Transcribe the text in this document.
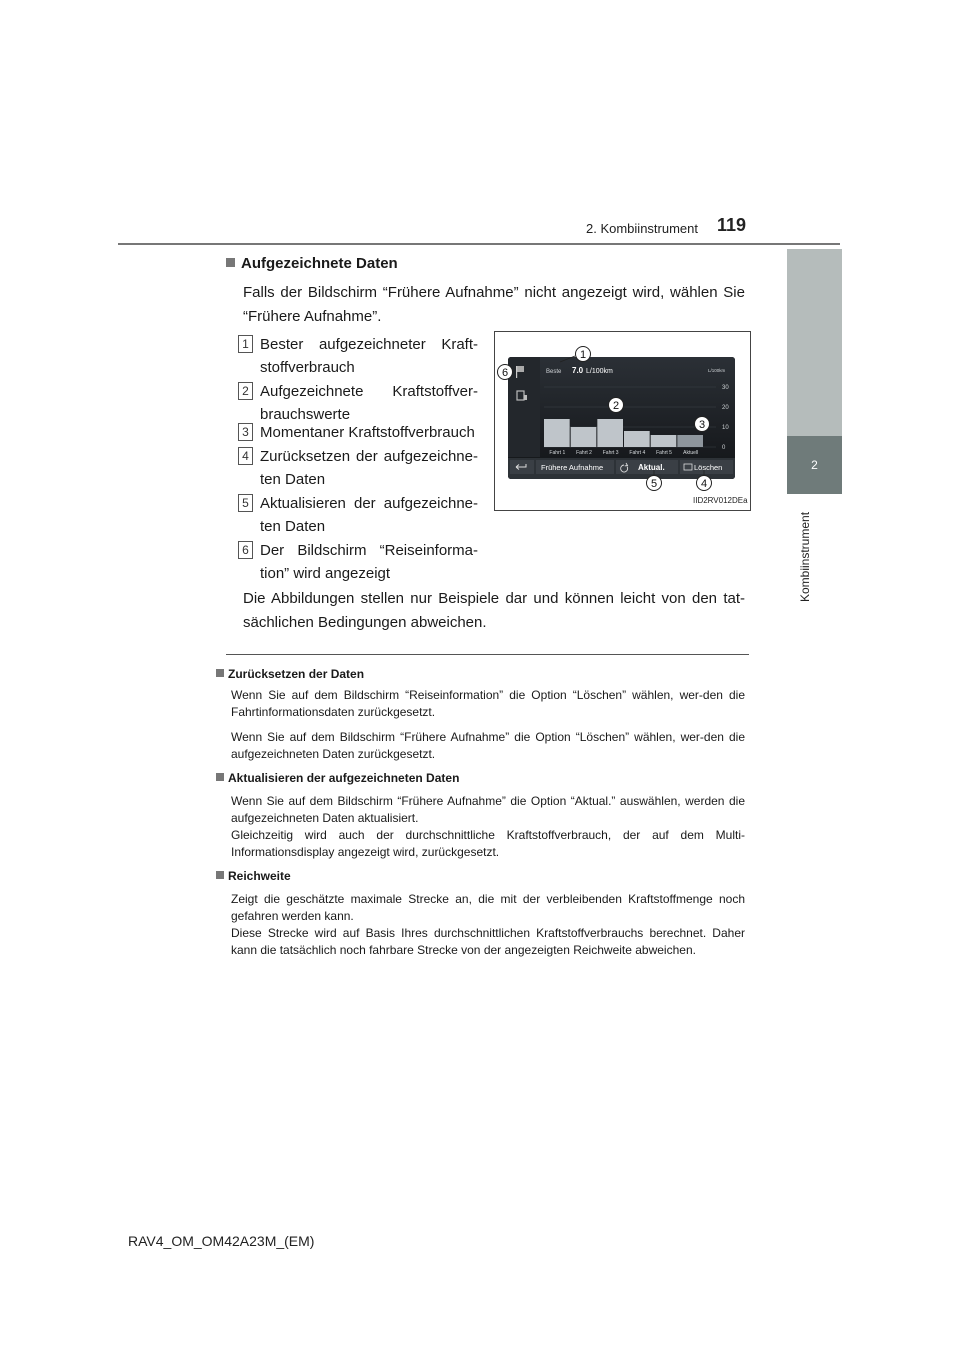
2. Kombiinstrument 119
2
Kombiinstrument
Aufgezeichnete Daten
Falls der Bildschirm “Frühere Aufnahme” nicht angezeigt wird, wählen Sie “Frühere Aufnahme”.
1 Bester aufgezeichneter Kraft-stoffverbrauch
2 Aufgezeichnete Kraftstoffver-brauchswerte
3 Momentaner Kraftstoffverbrauch
4 Zurücksetzen der aufgezeichne-ten Daten
5 Aktualisieren der aufgezeichne-ten Daten
6 Der Bildschirm “Reiseinforma-tion” wird angezeigt
Die Abbildungen stellen nur Beispiele dar und können leicht von den tat-sächlichen Bedingungen abweichen.
Beste 7.0 L/100km	L/100km
30
20
10
0
Fahrt 1 Fahrt 2 Fahrt 3 Fahrt 4 Fahrt 5 Aktuell
Frühere Aufnahme	Aktual.	Löschen
1
2
3
4
5
6
IID2RV012DEa
Zurücksetzen der Daten
Wenn Sie auf dem Bildschirm “Reiseinformation” die Option “Löschen” wählen, wer-den die Fahrtinformationsdaten zurückgesetzt.
Wenn Sie auf dem Bildschirm “Frühere Aufnahme” die Option “Löschen” wählen, wer-den die aufgezeichneten Daten zurückgesetzt.
Aktualisieren der aufgezeichneten Daten
Wenn Sie auf dem Bildschirm “Frühere Aufnahme” die Option “Aktual.” auswählen, werden die aufgezeichneten Daten aktualisiert.
Gleichzeitig wird auch der durchschnittliche Kraftstoffverbrauch, der auf dem Multi-Informationsdisplay angezeigt wird, zurückgesetzt.
Reichweite
Zeigt die geschätzte maximale Strecke an, die mit der verbleibenden Kraftstoffmenge noch gefahren werden kann.
Diese Strecke wird auf Basis Ihres durchschnittlichen Kraftstoffverbrauchs berechnet. Daher kann die tatsächlich noch fahrbare Strecke von der angezeigten Reichweite abweichen.
RAV4_OM_OM42A23M_(EM)
